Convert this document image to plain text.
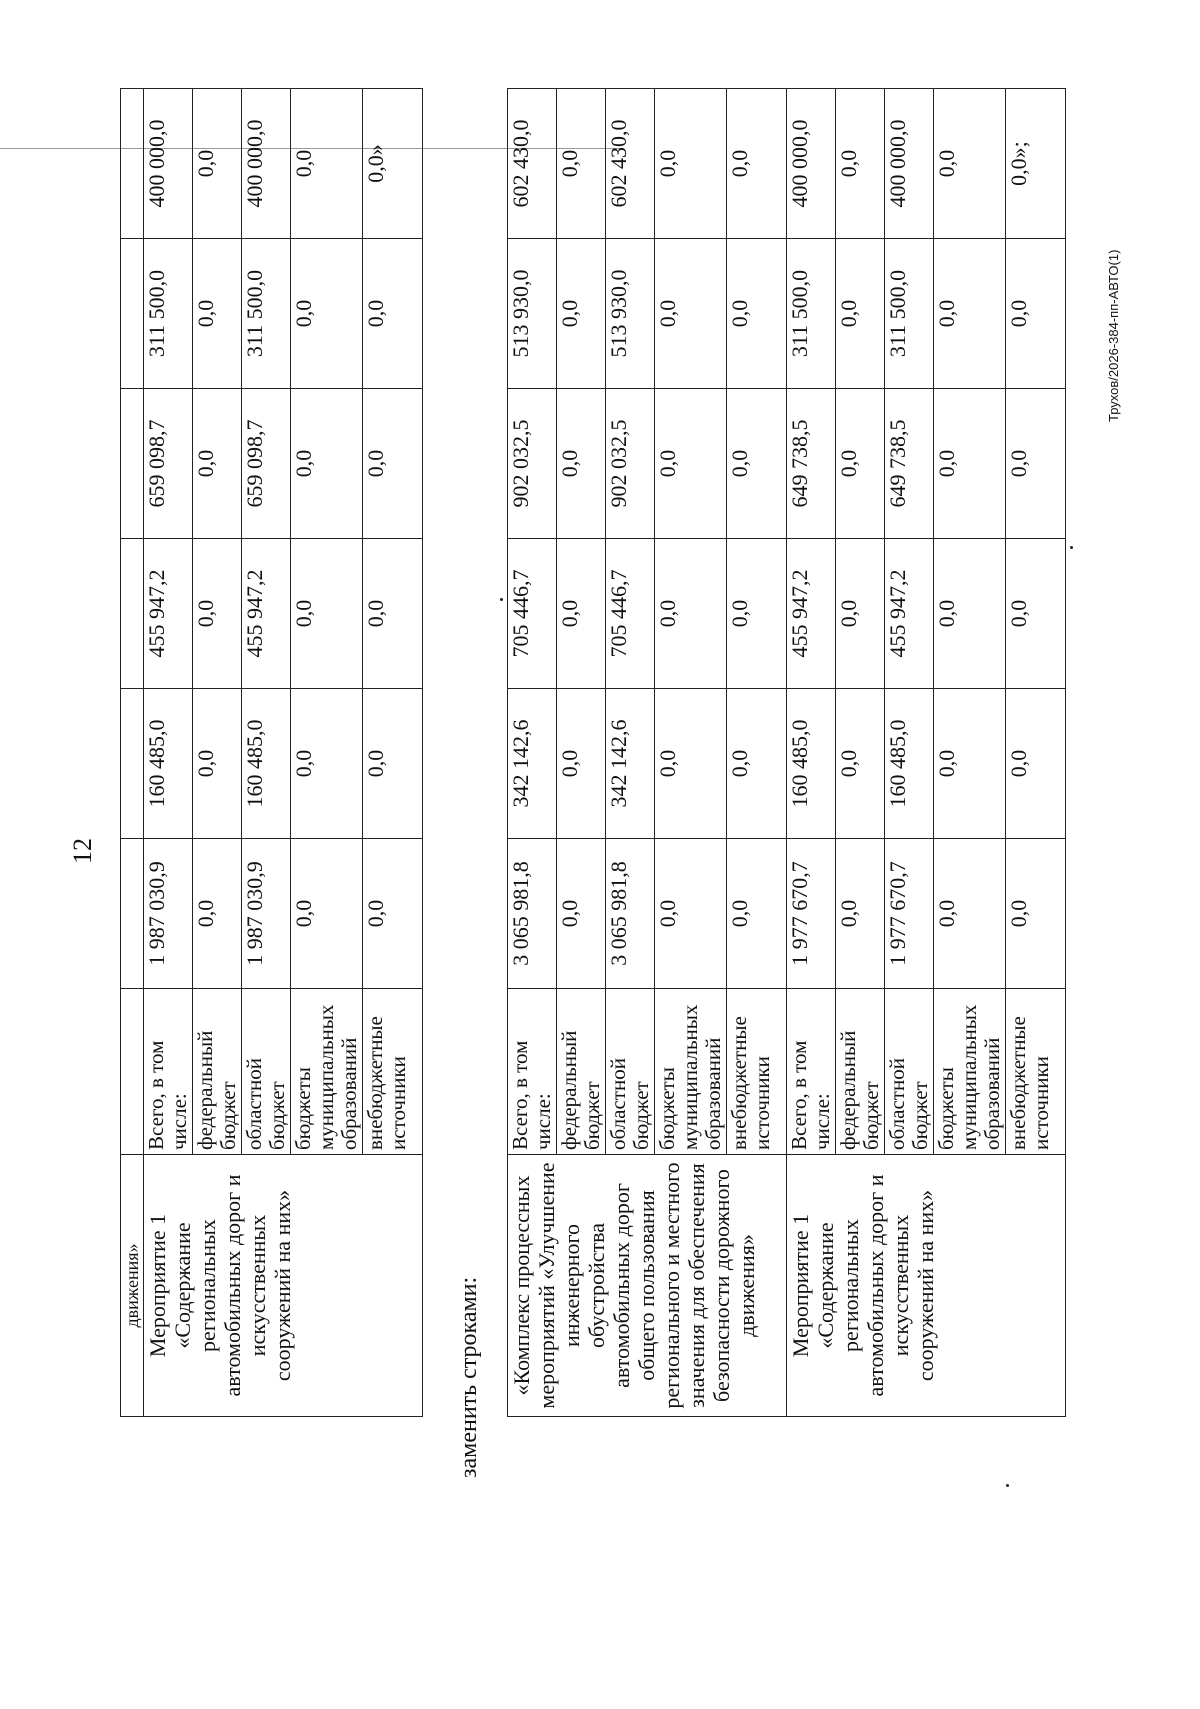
12
движения»							
Мероприятие 1 «Содержание региональных автомобильных дорог и искусственных сооружений на них»	Всего, в том числе:	1 987 030,9	160 485,0	455 947,2	659 098,7	311 500,0	400 000,0
	федеральный бюджет	0,0	0,0	0,0	0,0	0,0	0,0
	областной бюджет	1 987 030,9	160 485,0	455 947,2	659 098,7	311 500,0	400 000,0
	бюджеты муниципальных образований	0,0	0,0	0,0	0,0	0,0	0,0
	внебюджетные источники	0,0	0,0	0,0	0,0	0,0	0,0»
заменить строками: «Комплекс процессных мероприятий «Улучшение инженерного обустройства автомобильных дорог общего пользования регионального и местного значения для обеспечения безопасности дорожного движения»	Всего, в том числе:	3 065 981,8	342 142,6	705 446,7	902 032,5	513 930,0	602 430,0
	федеральный бюджет	0,0	0,0	0,0	0,0	0,0	0,0
	областной бюджет	3 065 981,8	342 142,6	705 446,7	902 032,5	513 930,0	602 430,0
	бюджеты муниципальных образований	0,0	0,0	0,0	0,0	0,0	0,0
	внебюджетные источники	0,0	0,0	0,0	0,0	0,0	0,0
Мероприятие 1 «Содержание региональных автомобильных дорог и искусственных сооружений на них»	Всего, в том числе:	1 977 670,7	160 485,0	455 947,2	649 738,5	311 500,0	400 000,0
	федеральный бюджет	0,0	0,0	0,0	0,0	0,0	0,0
	областной бюджет	1 977 670,7	160 485,0	455 947,2	649 738,5	311 500,0	400 000,0
	бюджеты муниципальных образований	0,0	0,0	0,0	0,0	0,0	0,0
	внебюджетные источники	0,0	0,0	0,0	0,0	0,0	0,0»;
Трухов/2026-384-пп-АВТО(1)
